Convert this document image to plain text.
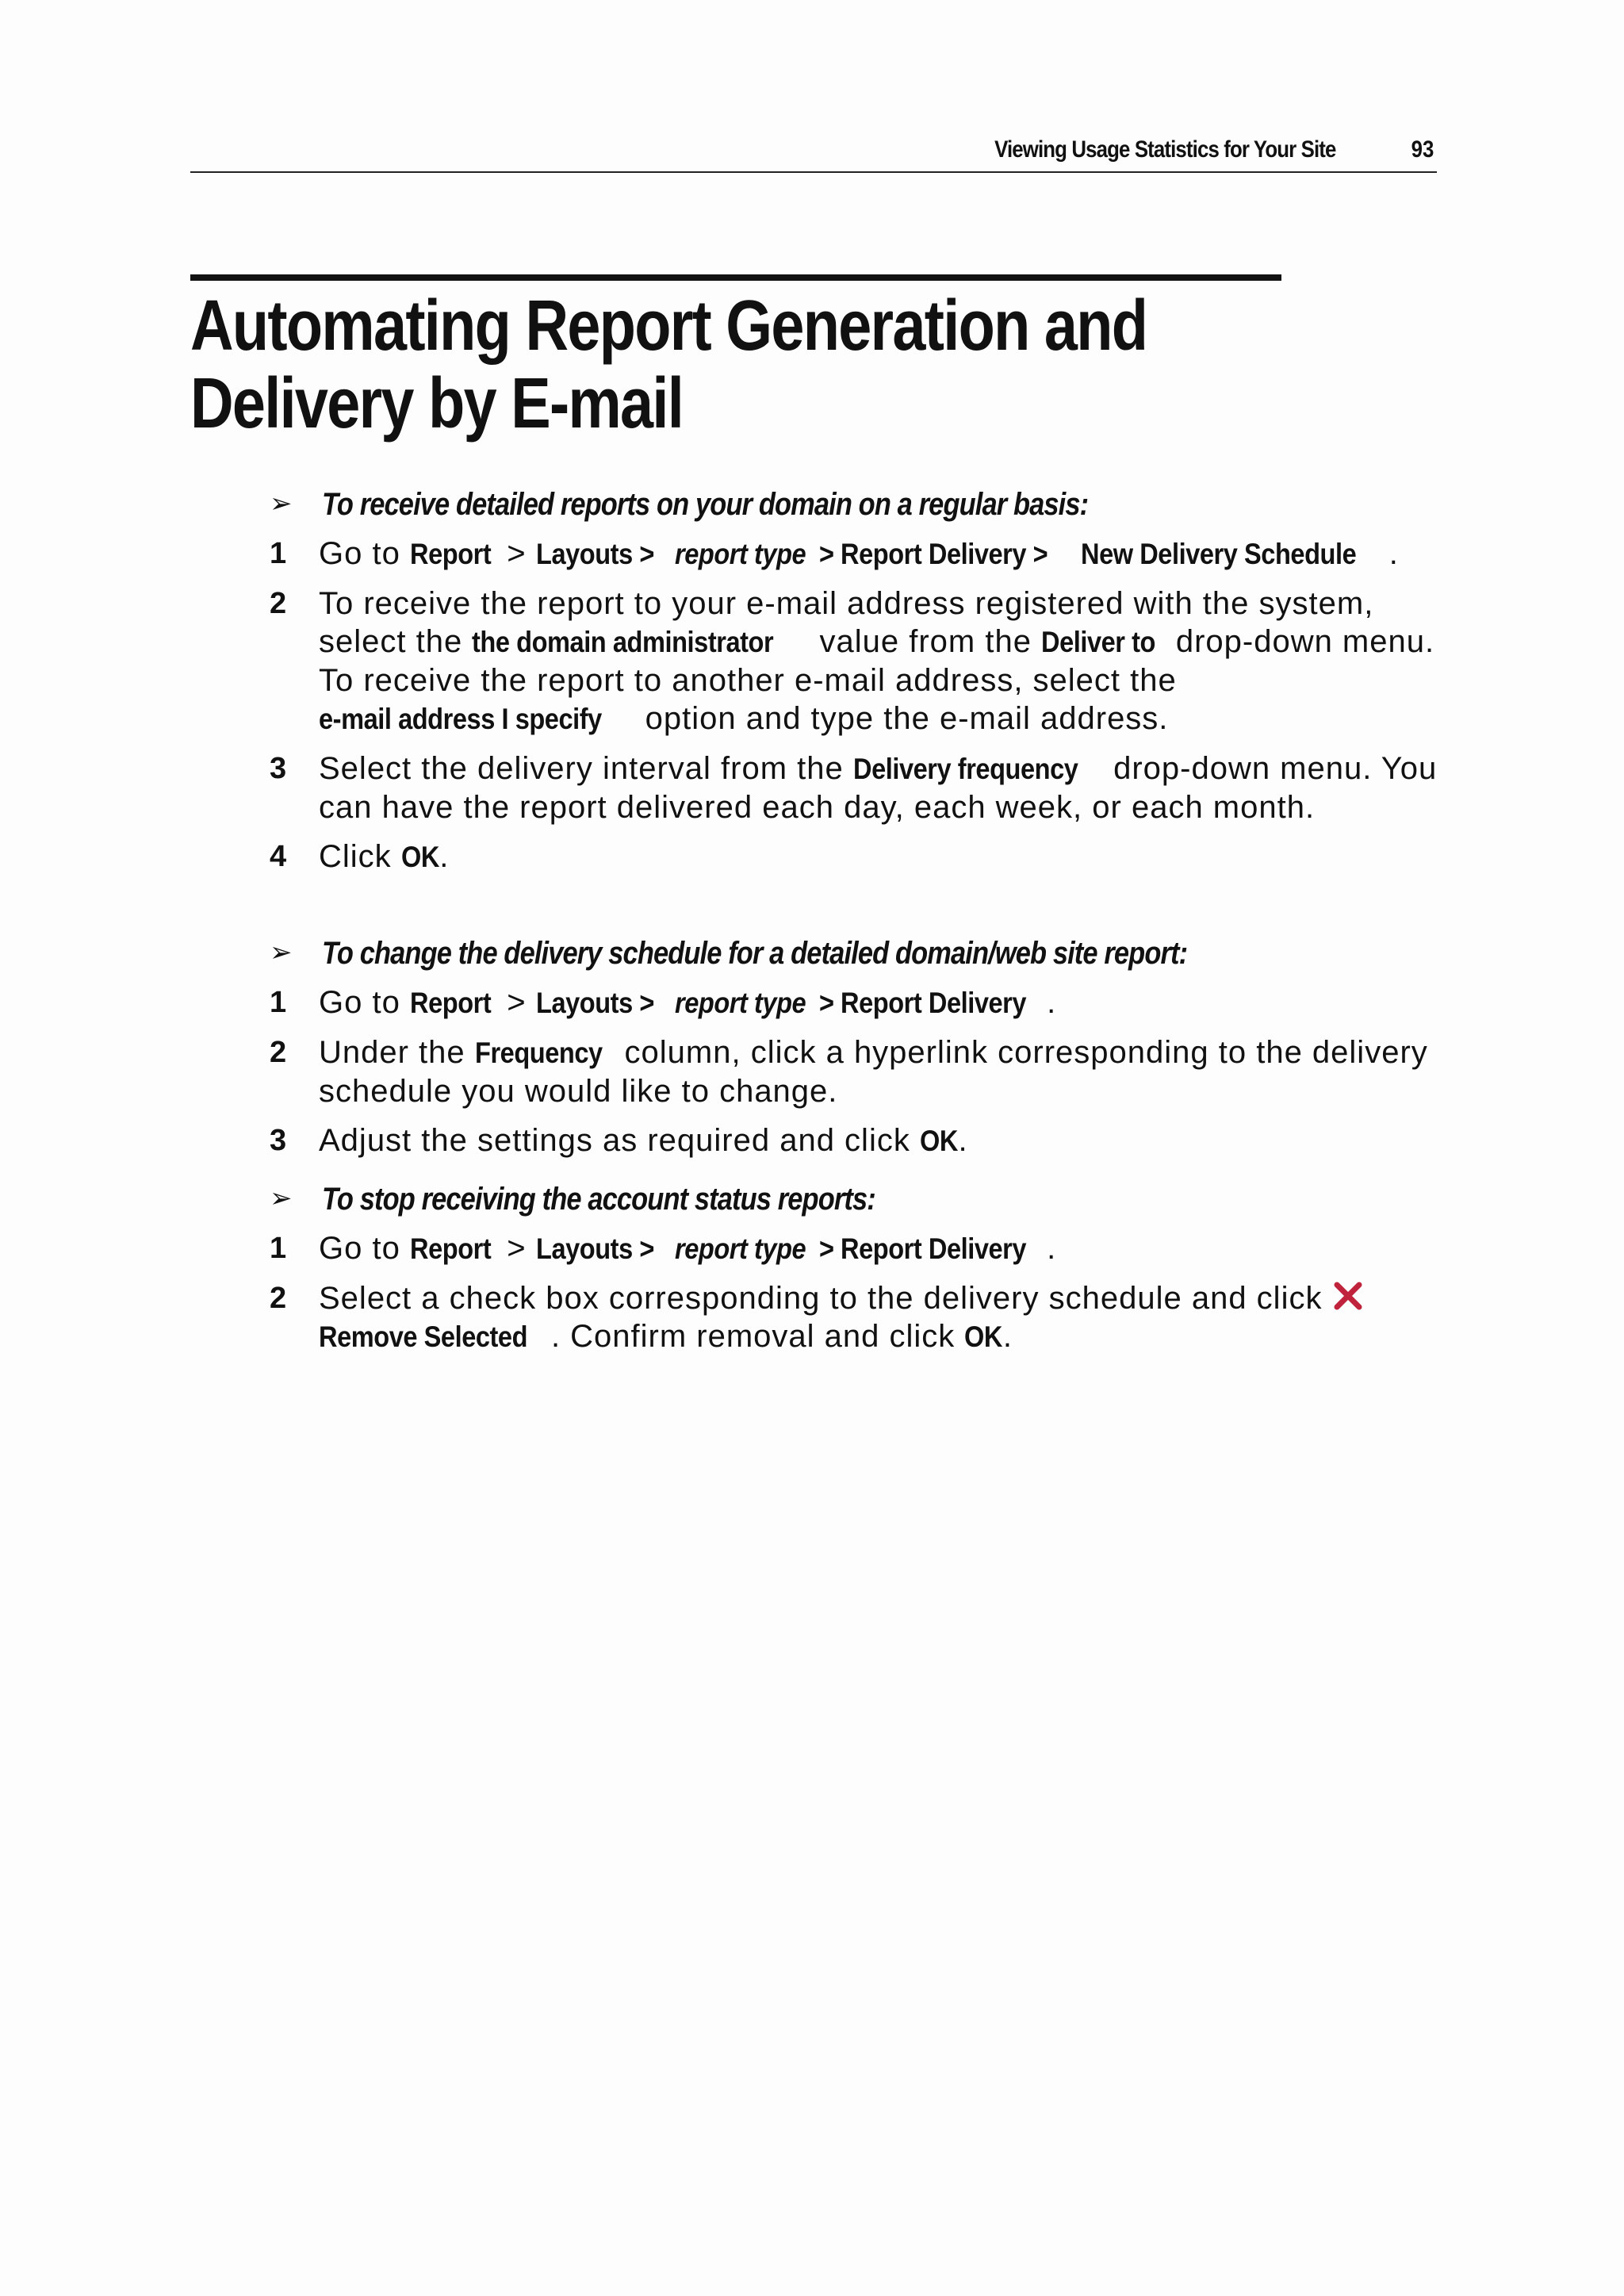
Viewing Usage Statistics for Your Site	93
Automating Report Generation and Delivery by E-mail
➢ To receive detailed reports on your domain on a regular basis:
1 Go to Report > Layouts > report type> Report Delivery > New Delivery Schedule .
2 To receive the report to your e-mail address registered with the system, select the the domain administrator value from the Deliver to drop-down menu. To receive the report to another e-mail address, select the e-mail address I specify option and type the e-mail address.
3 Select the delivery interval from the Delivery frequency drop-down menu. You can have the report delivered each day, each week, or each month.
4 Click OK.
➢ To change the delivery schedule for a detailed domain/web site report:
1 Go to Report > Layouts > report type> Report Delivery .
2 Under the Frequency column, click a hyperlink corresponding to the delivery schedule you would like to change.
3 Adjust the settings as required and click OK.
➢ To stop receiving the account status reports:
1 Go to Report > Layouts > report type> Report Delivery .
2 Select a check box corresponding to the delivery schedule and click Remove Selected . Confirm removal and click OK.
